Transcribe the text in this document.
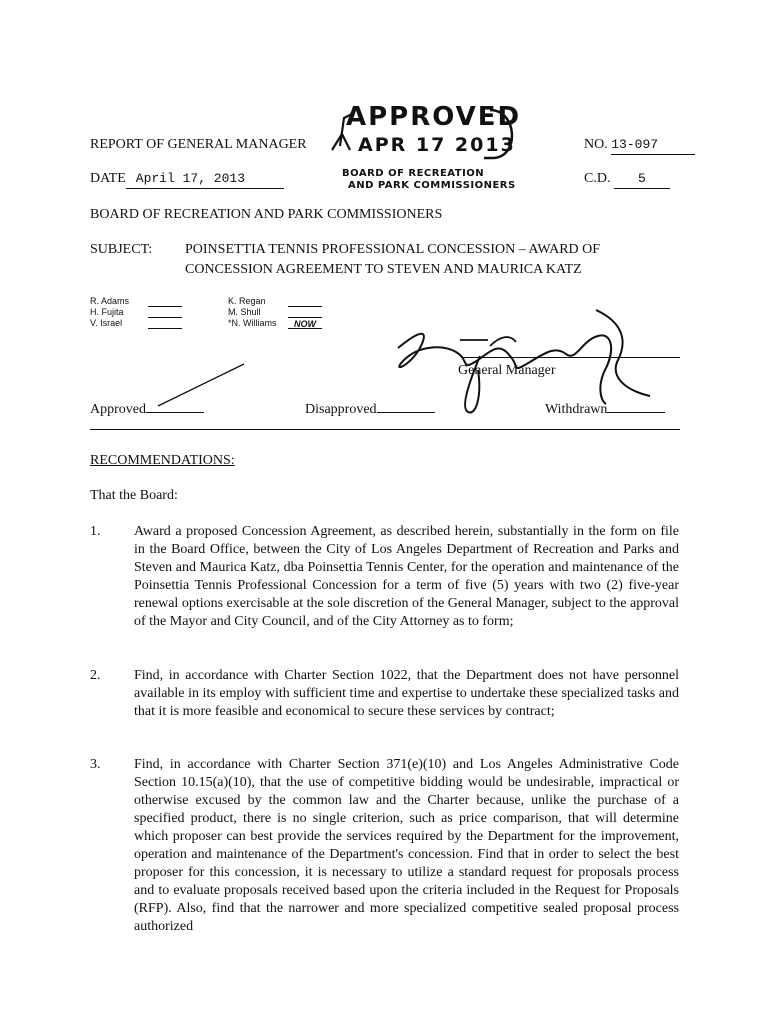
REPORT OF GENERAL MANAGER	NO. 13-097
APPROVED
APR 17 2013
BOARD OF RECREATION
AND PARK COMMISSIONERS
DATE April 17, 2013	C.D. 5
BOARD OF RECREATION AND PARK COMMISSIONERS
SUBJECT: POINSETTIA TENNIS PROFESSIONAL CONCESSION – AWARD OF
CONCESSION AGREEMENT TO STEVEN AND MAURICA KATZ
R. Adams
H. Fujita
V. Israel
K. Regan
M. Shull
*N. Williams NOW
General Manager
Approved	Disapproved	Withdrawn
RECOMMENDATIONS:
That the Board:
1. Award a proposed Concession Agreement, as described herein, substantially in the form on file in the Board Office, between the City of Los Angeles Department of Recreation and Parks and Steven and Maurica Katz, dba Poinsettia Tennis Center, for the operation and maintenance of the Poinsettia Tennis Professional Concession for a term of five (5) years with two (2) five-year renewal options exercisable at the sole discretion of the General Manager, subject to the approval of the Mayor and City Council, and of the City Attorney as to form;
2. Find, in accordance with Charter Section 1022, that the Department does not have personnel available in its employ with sufficient time and expertise to undertake these specialized tasks and that it is more feasible and economical to secure these services by contract;
3. Find, in accordance with Charter Section 371(e)(10) and Los Angeles Administrative Code Section 10.15(a)(10), that the use of competitive bidding would be undesirable, impractical or otherwise excused by the common law and the Charter because, unlike the purchase of a specified product, there is no single criterion, such as price comparison, that will determine which proposer can best provide the services required by the Department for the improvement, operation and maintenance of the Department's concession. Find that in order to select the best proposer for this concession, it is necessary to utilize a standard request for proposals process and to evaluate proposals received based upon the criteria included in the Request for Proposals (RFP). Also, find that the narrower and more specialized competitive sealed proposal process authorized
